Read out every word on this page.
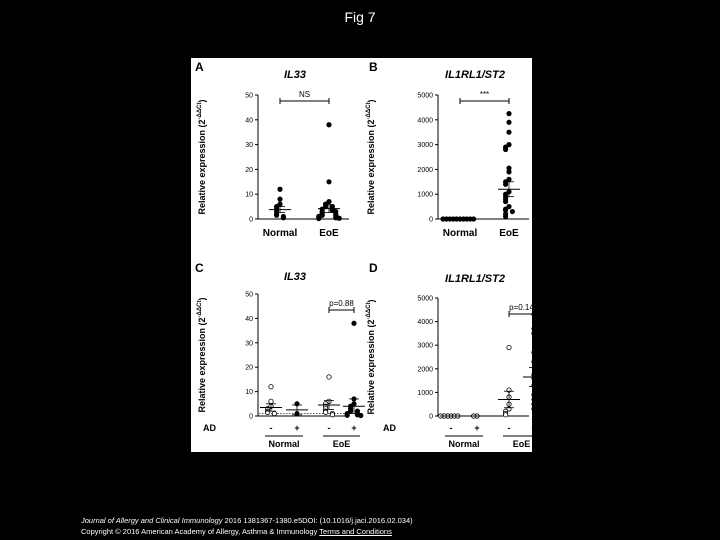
Fig 7
A
IL33
0
10
20
30
40
50
Relative expression $(2^{-\Delta\Delta Ct})$
NS
Normal EoE
B
IL1RL1/ST2
0
1000
2000
3000
4000
5000
Relative expression $(2^{-\Delta\Delta Ct})$
***
Normal EoE
C
IL33
0
10
20
30
40
50
Relative expression $(2^{-\Delta\Delta Ct})$
p=0.88
AD	- +	- +
Normal	EoE
D
IL1RL1/ST2
0
1000
2000
3000
4000
5000
Relative expression $(2^{-\Delta\Delta Ct})$
p=0.14
AD	- +	- +
Normal	EoE
Journal of Allergy and Clinical Immunology 2016 1381367-1380.e5DOI: (10.1016/j.jaci.2016.02.034)
Copyright © 2016 American Academy of Allergy, Asthma & Immunology Terms and Conditions
